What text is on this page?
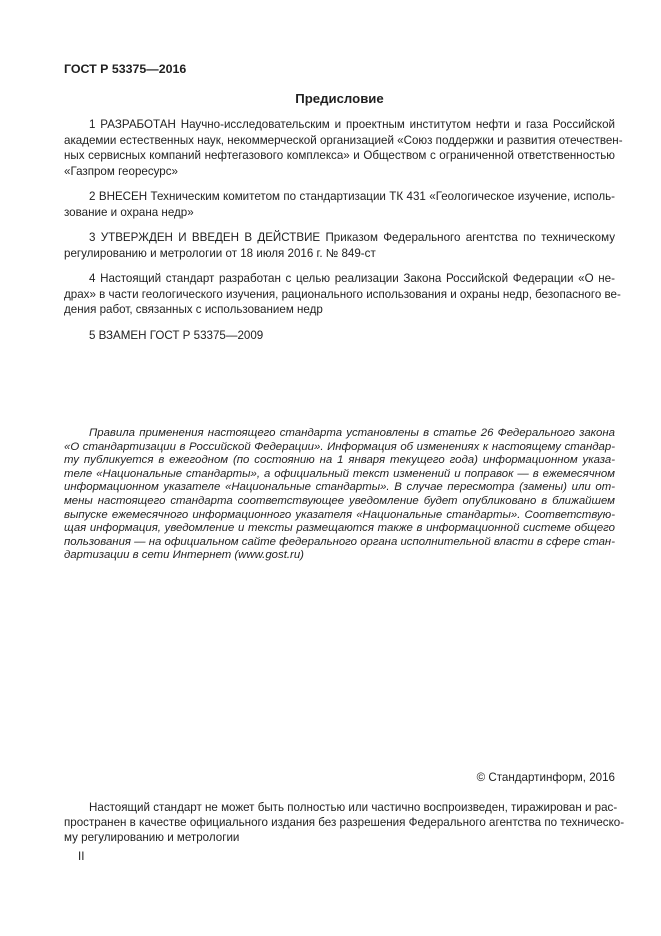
ГОСТ Р 53375—2016
Предисловие
1 РАЗРАБОТАН Научно-исследовательским и проектным институтом нефти и газа Российской
академии естественных наук, некоммерческой организацией «Союз поддержки и развития отечествен-
ных сервисных компаний нефтегазового комплекса» и Обществом с ограниченной ответственностью
«Газпром георесурс»
2 ВНЕСЕН Техническим комитетом по стандартизации ТК 431 «Геологическое изучение, исполь-
зование и охрана недр»
3 УТВЕРЖДЕН И ВВЕДЕН В ДЕЙСТВИЕ Приказом Федерального агентства по техническому
регулированию и метрологии от 18 июля 2016 г. № 849-ст
4 Настоящий стандарт разработан с целью реализации Закона Российской Федерации «О не-
драх» в части геологического изучения, рационального использования и охраны недр, безопасного ве-
дения работ, связанных с использованием недр
5 ВЗАМЕН ГОСТ Р 53375—2009
Правила применения настоящего стандарта установлены в статье 26 Федерального закона
«О стандартизации в Российской Федерации». Информация об изменениях к настоящему стандар-
ту публикуется в ежегодном (по состоянию на 1 января текущего года) информационном указа-
теле «Национальные стандарты», а официальный текст изменений и поправок — в ежемесячном
информационном указателе «Национальные стандарты». В случае пересмотра (замены) или от-
мены настоящего стандарта соответствующее уведомление будет опубликовано в ближайшем
выпуске ежемесячного информационного указателя «Национальные стандарты». Соответствую-
щая информация, уведомление и тексты размещаются также в информационной системе общего
пользования — на официальном сайте федерального органа исполнительной власти в сфере стан-
дартизации в сети Интернет (www.gost.ru)
© Стандартинформ, 2016
Настоящий стандарт не может быть полностью или частично воспроизведен, тиражирован и рас-
пространен в качестве официального издания без разрешения Федерального агентства по техническо-
му регулированию и метрологии
II
